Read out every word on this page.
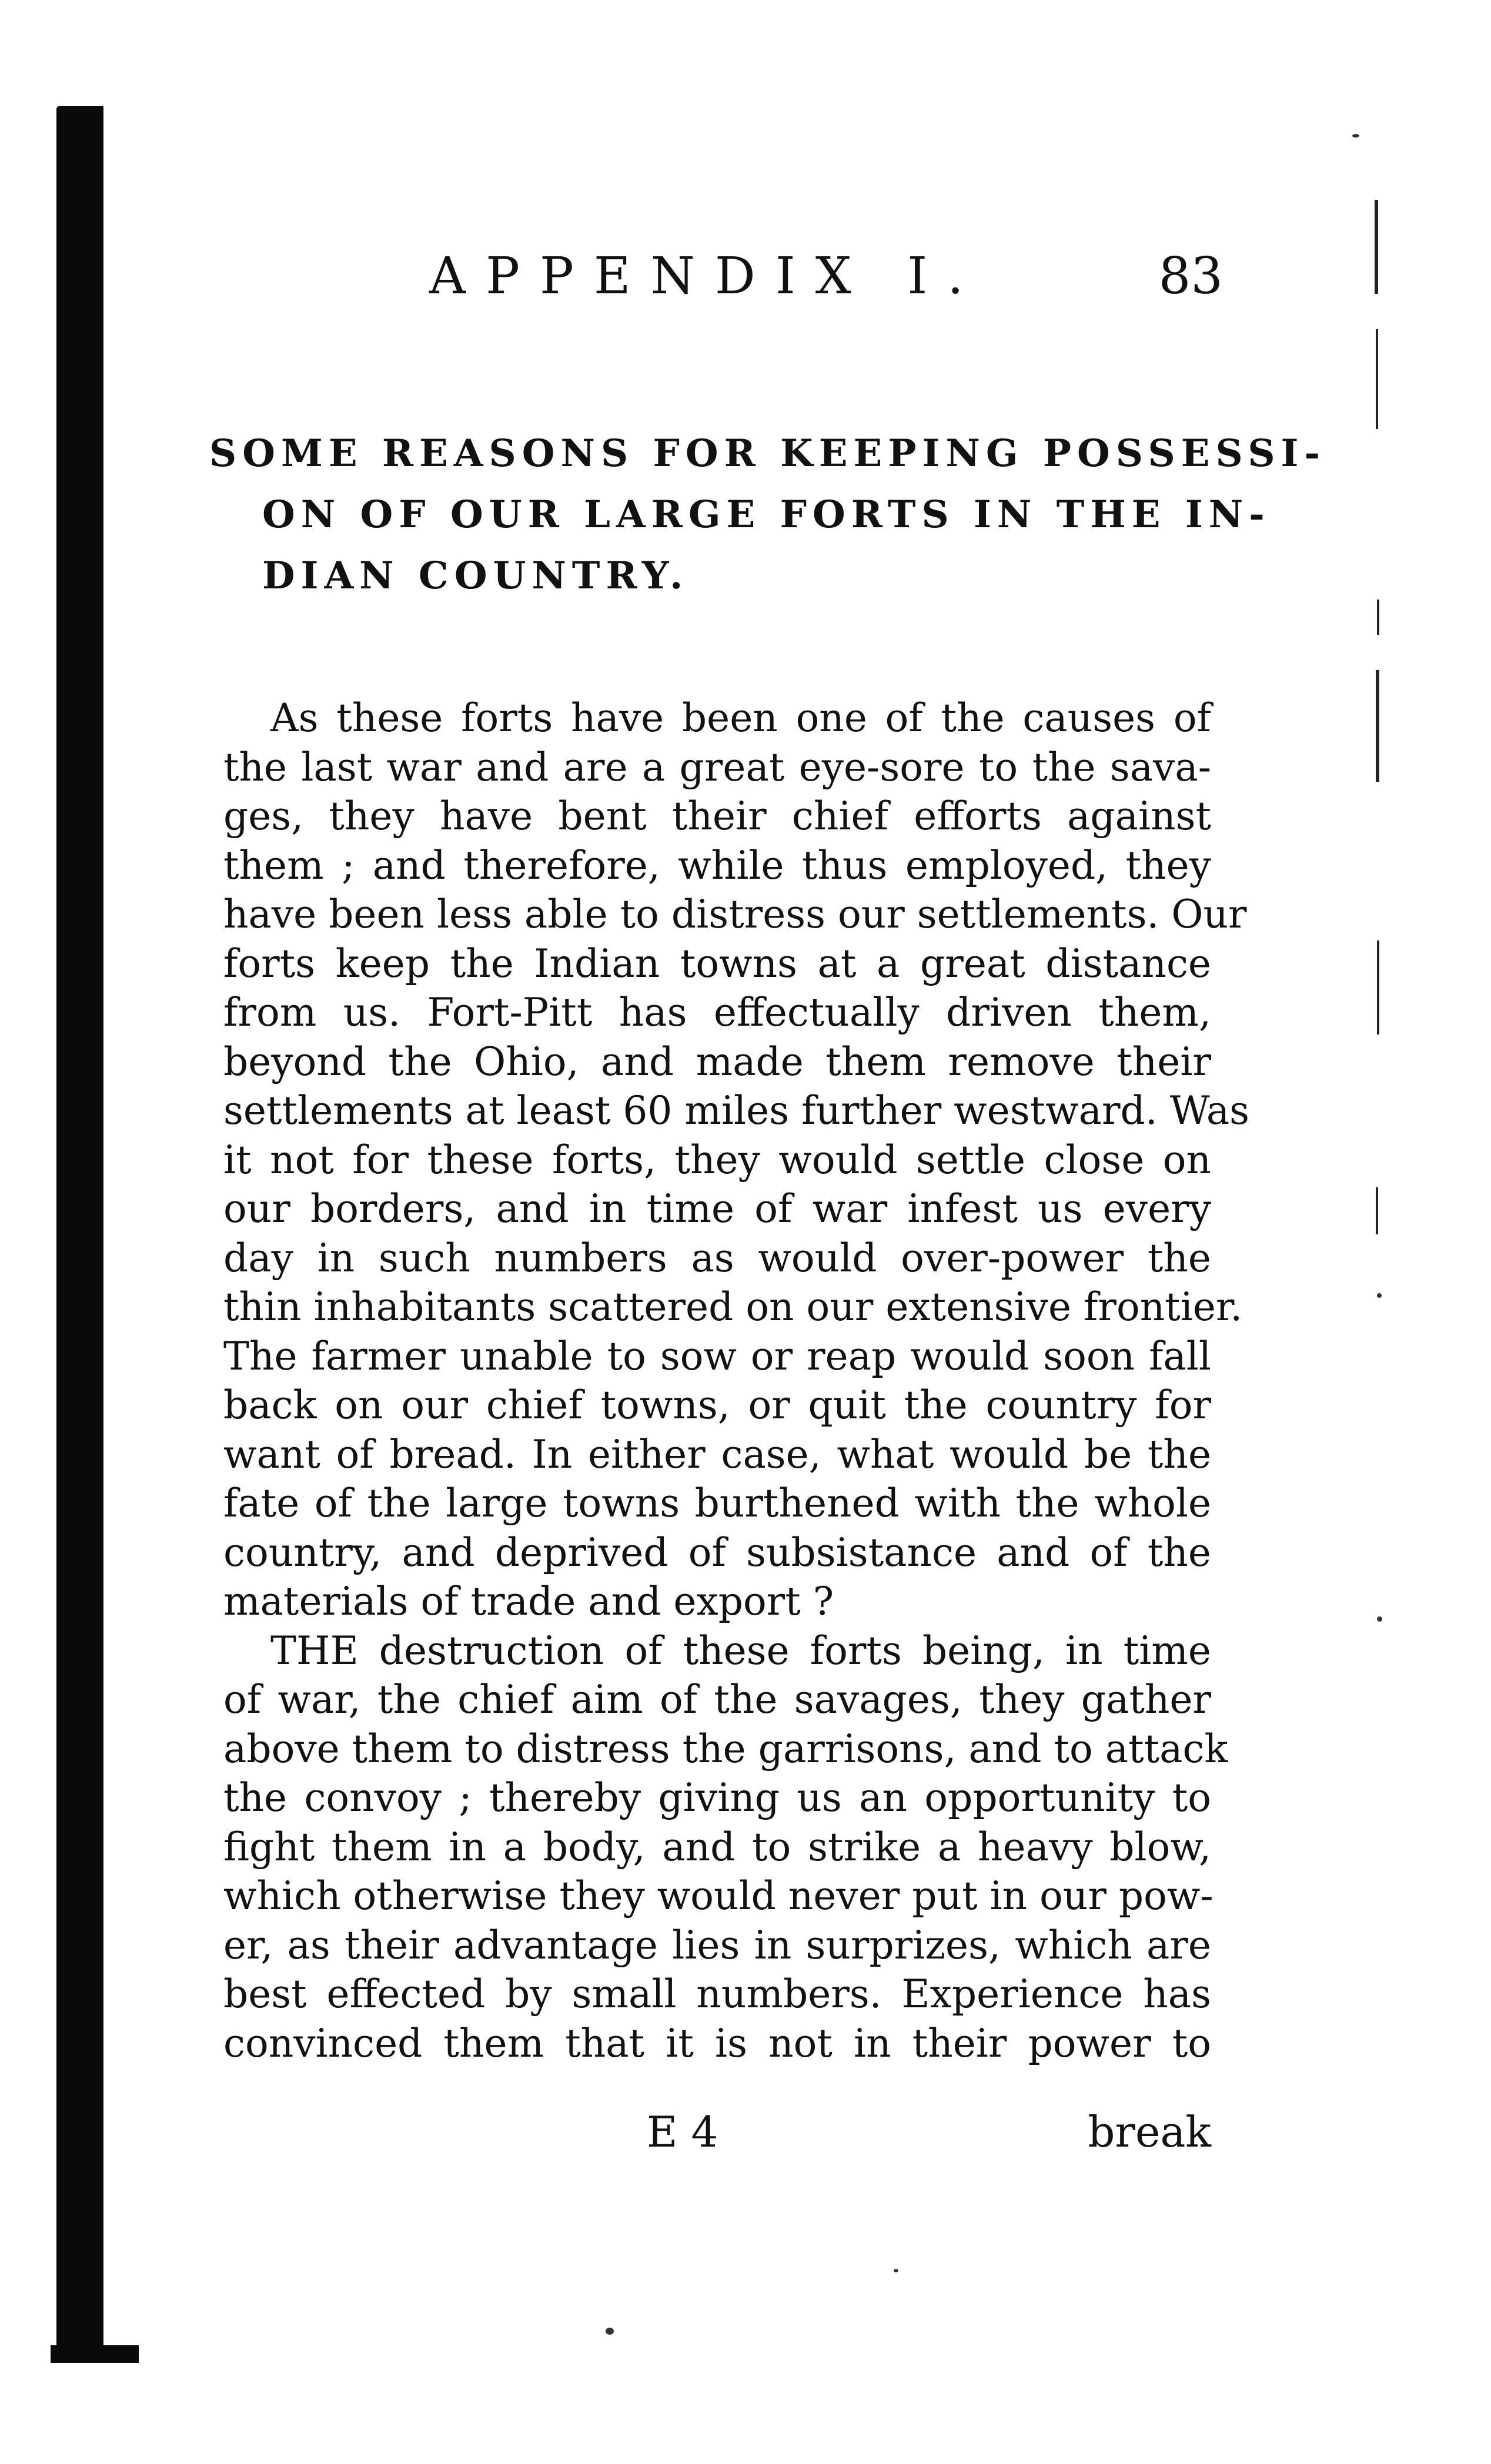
APPENDIX I.	83
SOME REASONS FOR KEEPING POSSESSI-
ON OF OUR LARGE FORTS IN THE IN-
DIAN COUNTRY.
As these forts have been one of the causes of
the last war and are a great eye-sore to the sava-
ges, they have bent their chief efforts against
them ; and therefore, while thus employed, they
have been less able to distress our settlements. Our
forts keep the Indian towns at a great distance
from us. Fort-Pitt has effectually driven them,
beyond the Ohio, and made them remove their
settlements at least 60 miles further westward. Was
it not for these forts, they would settle close on
our borders, and in time of war infest us every
day in such numbers as would over-power the
thin inhabitants scattered on our extensive frontier.
The farmer unable to sow or reap would soon fall
back on our chief towns, or quit the country for
want of bread. In either case, what would be the
fate of the large towns burthened with the whole
country, and deprived of subsistance and of the
materials of trade and export ?
THE destruction of these forts being, in time
of war, the chief aim of the savages, they gather
above them to distress the garrisons, and to attack
the convoy ; thereby giving us an opportunity to
fight them in a body, and to strike a heavy blow,
which otherwise they would never put in our pow-
er, as their advantage lies in surprizes, which are
best effected by small numbers. Experience has
convinced them that it is not in their power to
E 4	break
